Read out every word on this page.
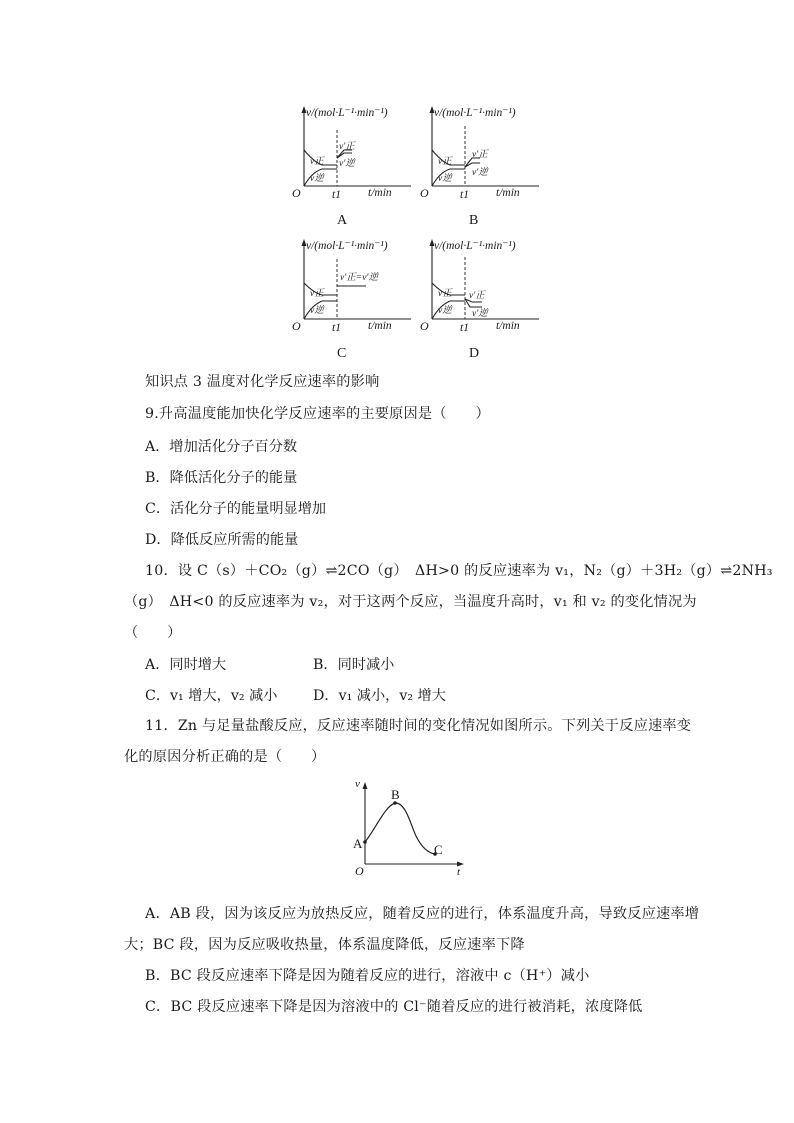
v/(mol·L⁻¹·min⁻¹)
O	t1 t/min
v正
v逆
v′正
v′逆
A
v/(mol·L⁻¹·min⁻¹)
O	t1 t/min
v正
v逆
v′正
v′逆
B
v/(mol·L⁻¹·min⁻¹)
O	t1 t/min
v正
v逆
v′正=v′逆
C
v/(mol·L⁻¹·min⁻¹)
O	t1 t/min
v正
v逆
v′正
v′逆
D
知识点 3 温度对化学反应速率的影响
9.升高温度能加快化学反应速率的主要原因是（　　）
A．增加活化分子百分数
B．降低活化分子的能量
C．活化分子的能量明显增加
D．降低反应所需的能量
10．设 C（s）＋CO₂（g）⇌2CO（g）　ΔH>0 的反应速率为 v₁，N₂（g）＋3H₂（g）⇌2NH₃
（g）　ΔH<0 的反应速率为 v₂，对于这两个反应，当温度升高时，v₁ 和 v₂ 的变化情况为
（　　）
A．同时增大	B．同时减小
C．v₁ 增大，v₂ 减小	D．v₁ 减小，v₂ 增大
11．Zn 与足量盐酸反应，反应速率随时间的变化情况如图所示。下列关于反应速率变
化的原因分析正确的是（　　）
v
t
O
A
B
C
A．AB 段，因为该反应为放热反应，随着反应的进行，体系温度升高，导致反应速率增
大；BC 段，因为反应吸收热量，体系温度降低，反应速率下降
B．BC 段反应速率下降是因为随着反应的进行，溶液中 c（H⁺）减小
C．BC 段反应速率下降是因为溶液中的 Cl⁻随着反应的进行被消耗，浓度降低
